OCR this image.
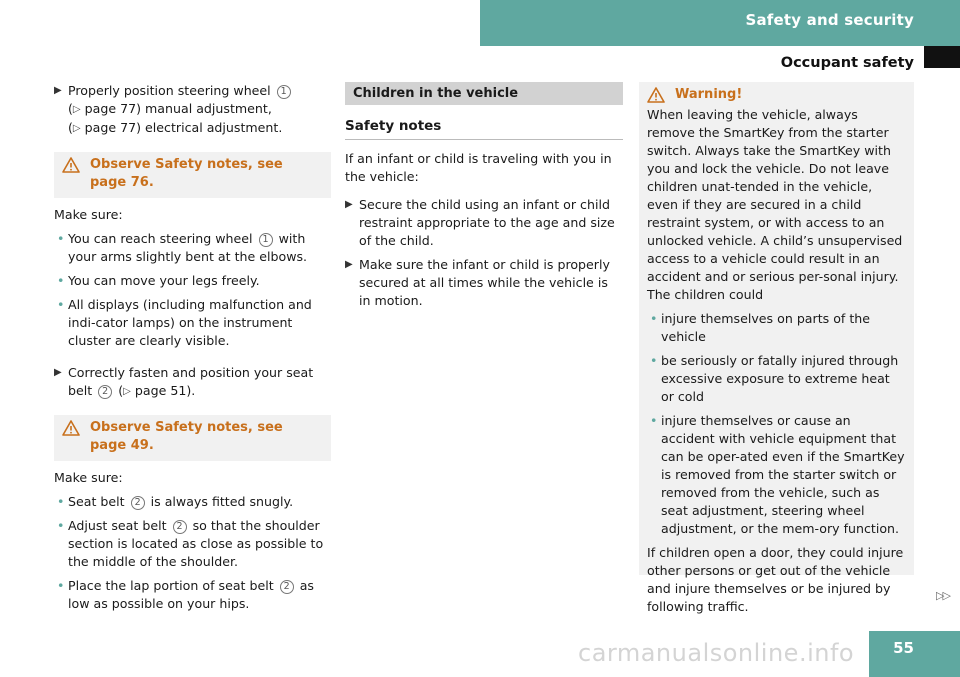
Safety and security
Occupant safety
▶ Properly position steering wheel 1
(▷ page 77) manual adjustment,
(▷ page 77) electrical adjustment.
Observe Safety notes, see page 76.
Make sure:
• You can reach steering wheel 1 with your arms slightly bent at the elbows.
• You can move your legs freely.
• All displays (including malfunction and indi-cator lamps) on the instrument cluster are clearly visible.
▶ Correctly fasten and position your seat belt 2 (▷ page 51).
Observe Safety notes, see page 49.
Make sure:
• Seat belt 2 is always fitted snugly.
• Adjust seat belt 2 so that the shoulder section is located as close as possible to the middle of the shoulder.
• Place the lap portion of seat belt 2 as low as possible on your hips.
Children in the vehicle
Safety notes
If an infant or child is traveling with you in the vehicle:
▶ Secure the child using an infant or child restraint appropriate to the age and size of the child.
▶ Make sure the infant or child is properly secured at all times while the vehicle is in motion.
Warning!
When leaving the vehicle, always remove the SmartKey from the starter switch. Always take the SmartKey with you and lock the vehicle. Do not leave children unat-tended in the vehicle, even if they are secured in a child restraint system, or with access to an unlocked vehicle. A child’s unsupervised access to a vehicle could result in an accident and or serious per-sonal injury. The children could
• injure themselves on parts of the vehicle
• be seriously or fatally injured through excessive exposure to extreme heat or cold
• injure themselves or cause an accident with vehicle equipment that can be oper-ated even if the SmartKey is removed from the starter switch or removed from the vehicle, such as seat adjustment, steering wheel adjustment, or the mem-ory function.
If children open a door, they could injure other persons or get out of the vehicle and injure themselves or be injured by following traffic.
▷▷
carmanualsonline.info	55
